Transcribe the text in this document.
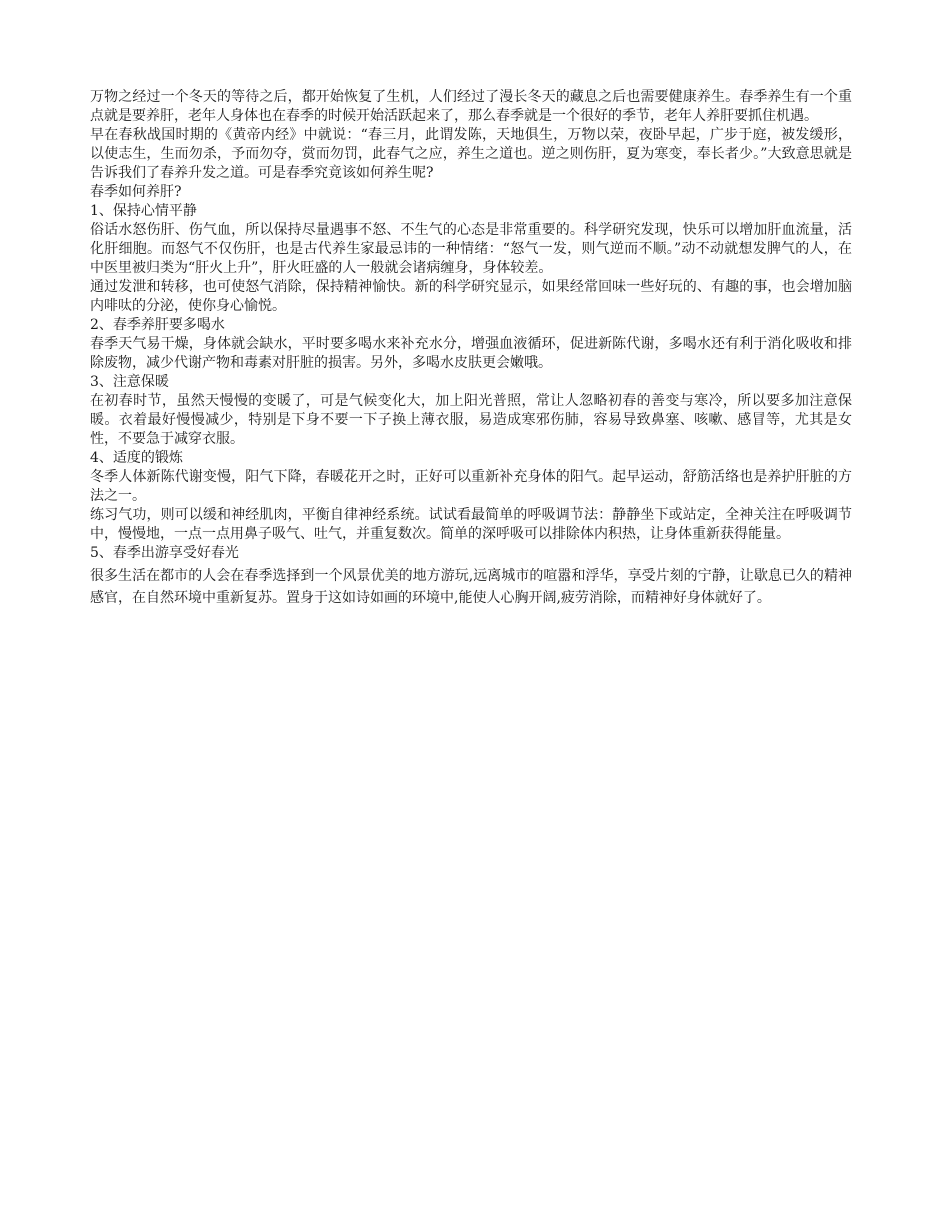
万物之经过一个冬天的等待之后，都开始恢复了生机，人们经过了漫长冬天的藏息之后也需要健康养生。春季养生有一个重点就是要养肝，老年人身体也在春季的时候开始活跃起来了，那么春季就是一个很好的季节，老年人养肝要抓住机遇。

早在春秋战国时期的《黄帝内经》中就说：“春三月，此谓发陈，天地俱生，万物以荣，夜卧早起，广步于庭，被发缓形，以使志生，生而勿杀，予而勿夺，赏而勿罚，此春气之应，养生之道也。逆之则伤肝，夏为寒变，奉长者少。”大致意思就是告诉我们了春养升发之道。可是春季究竟该如何养生呢?

春季如何养肝?

1、保持心情平静

俗话水怒伤肝、伤气血，所以保持尽量遇事不怒、不生气的心态是非常重要的。科学研究发现，快乐可以增加肝血流量，活化肝细胞。而怒气不仅伤肝，也是古代养生家最忌讳的一种情绪：“怒气一发，则气逆而不顺。”动不动就想发脾气的人，在中医里被归类为“肝火上升”，肝火旺盛的人一般就会诸病缠身，身体较差。

通过发泄和转移，也可使怒气消除，保持精神愉快。新的科学研究显示，如果经常回味一些好玩的、有趣的事，也会增加脑内啡呔的分泌，使你身心愉悦。

2、春季养肝要多喝水

春季天气易干燥，身体就会缺水，平时要多喝水来补充水分，增强血液循环，促进新陈代谢，多喝水还有利于消化吸收和排除废物，减少代谢产物和毒素对肝脏的损害。另外，多喝水皮肤更会嫩哦。

3、注意保暖

在初春时节，虽然天慢慢的变暖了，可是气候变化大，加上阳光普照，常让人忽略初春的善变与寒冷，所以要多加注意保暖。衣着最好慢慢减少，特别是下身不要一下子换上薄衣服，易造成寒邪伤肺，容易导致鼻塞、咳嗽、感冒等，尤其是女性，不要急于减穿衣服。

4、适度的锻炼

冬季人体新陈代谢变慢，阳气下降，春暖花开之时，正好可以重新补充身体的阳气。起早运动，舒筋活络也是养护肝脏的方法之一。

练习气功，则可以缓和神经肌肉，平衡自律神经系统。试试看最简单的呼吸调节法：静静坐下或站定，全神关注在呼吸调节中，慢慢地，一点一点用鼻子吸气、吐气，并重复数次。简单的深呼吸可以排除体内积热，让身体重新获得能量。

5、春季出游享受好春光

很多生活在都市的人会在春季选择到一个风景优美的地方游玩,远离城市的喧嚣和浮华，享受片刻的宁静，让歇息已久的精神感官，在自然环境中重新复苏。置身于这如诗如画的环境中,能使人心胸开阔,疲劳消除，而精神好身体就好了。
